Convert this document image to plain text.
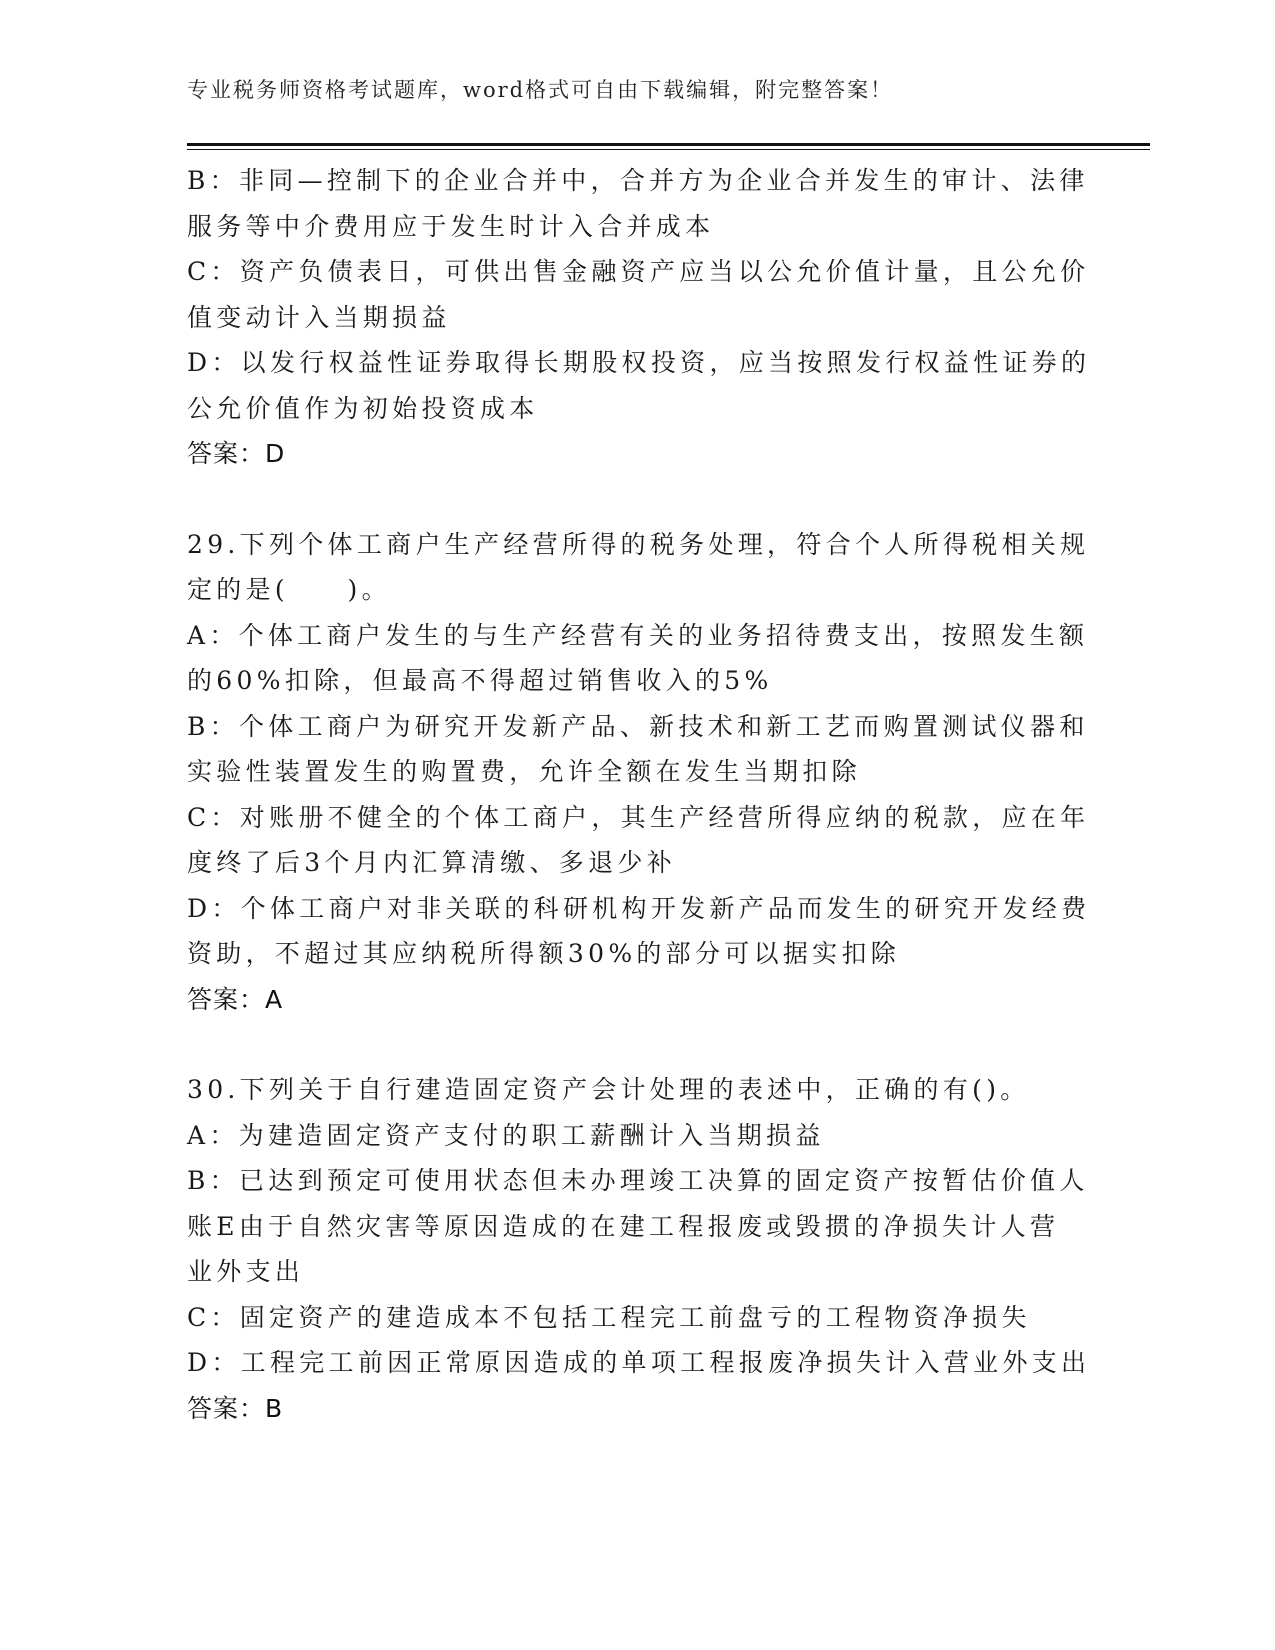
专业税务师资格考试题库，word格式可自由下载编辑，附完整答案！
B：非同—控制下的企业合并中，合并方为企业合并发生的审计、法律
服务等中介费用应于发生时计入合并成本
C：资产负债表日，可供出售金融资产应当以公允价值计量，且公允价
值变动计入当期损益
D：以发行权益性证券取得长期股权投资，应当按照发行权益性证券的
公允价值作为初始投资成本
答案：D
29.下列个体工商户生产经营所得的税务处理，符合个人所得税相关规
定的是(　　)。
A：个体工商户发生的与生产经营有关的业务招待费支出，按照发生额
的60%扣除，但最高不得超过销售收入的5%
B：个体工商户为研究开发新产品、新技术和新工艺而购置测试仪器和
实验性装置发生的购置费，允许全额在发生当期扣除
C：对账册不健全的个体工商户，其生产经营所得应纳的税款，应在年
度终了后3个月内汇算清缴、多退少补
D：个体工商户对非关联的科研机构开发新产品而发生的研究开发经费
资助，不超过其应纳税所得额30%的部分可以据实扣除
答案：A
30.下列关于自行建造固定资产会计处理的表述中，正确的有()。
A：为建造固定资产支付的职工薪酬计入当期损益
B：已达到预定可使用状态但未办理竣工决算的固定资产按暂估价值人
账E由于自然灾害等原因造成的在建工程报废或毁掼的净损失计人营
业外支出
C：固定资产的建造成本不包括工程完工前盘亏的工程物资净损失
D：工程完工前因正常原因造成的单项工程报废净损失计入营业外支出
答案：B
